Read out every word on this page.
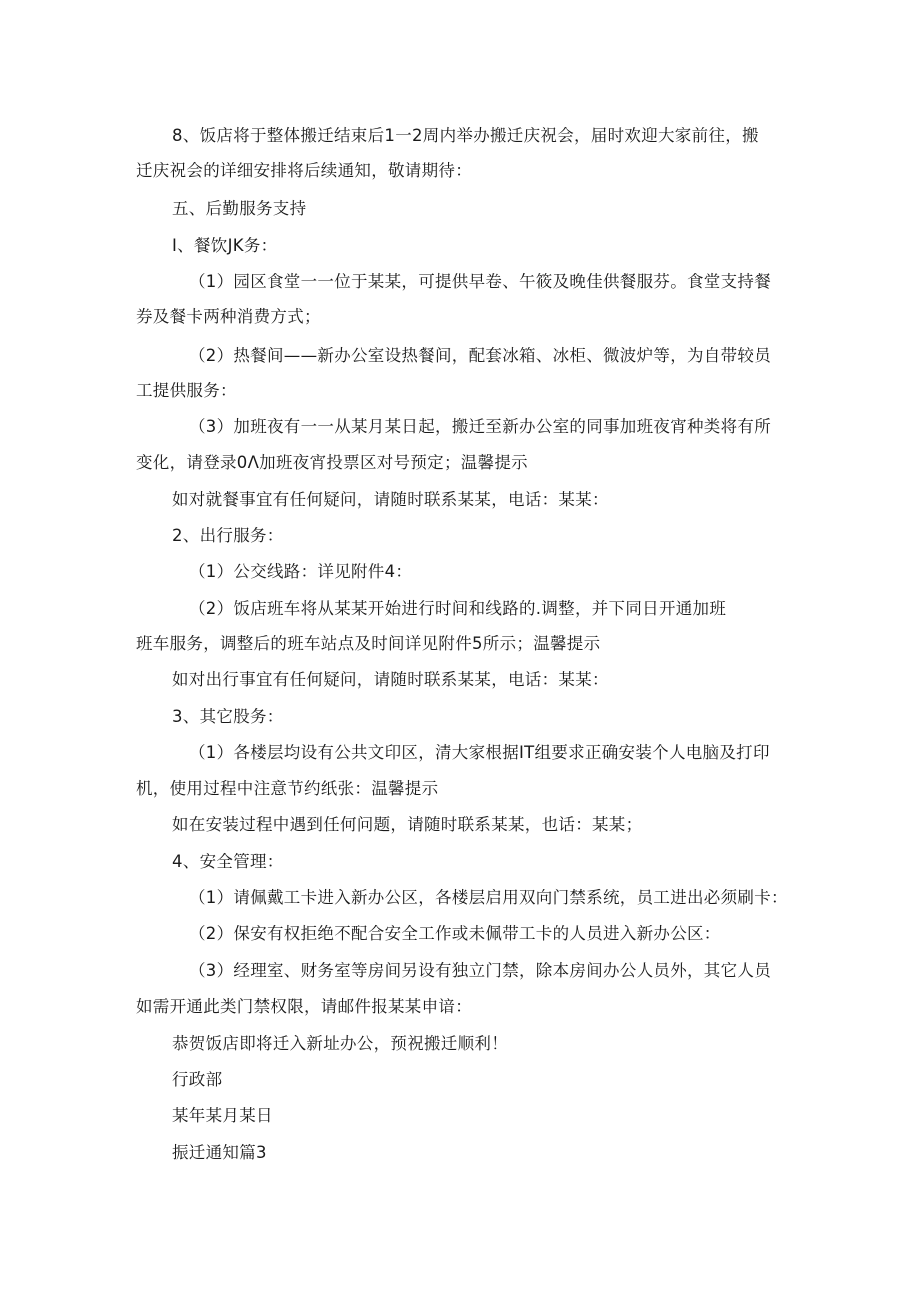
8、饭店将于整体搬迁结束后1一2周内举办搬迁庆祝会，届时欢迎大家前往，搬
迁庆祝会的详细安排将后续通知，敬请期待：
五、后勤服务支持
I、餐饮JK务：
（1）园区食堂一一位于某某，可提供早卷、午筱及晚佳供餐服芬。食堂支持餐
券及餐卡两种消费方式；
（2）热餐间——新办公室设热餐间，配套冰箱、冰柜、微波炉等，为自带较员
工提供服务：
（3）加班夜有一一从某月某日起，搬迁至新办公室的同事加班夜宵种类将有所
变化，请登录0Λ加班夜宵投票区对号预定；温馨提示
如对就餐事宜有任何疑问，请随时联系某某，电话：某某：
2、出行服务：
（1）公交线路：详见附件4：
（2）饭店班车将从某某开始进行时间和线路的.调整，并下同日开通加班
班车服务，调整后的班车站点及时间详见附件5所示；温馨提示
如对出行事宜有任何疑问，请随时联系某某，电话：某某：
3、其它股务：
（1）各楼层均设有公共文印区，清大家根据IT组要求正确安装个人电脑及打印
机，使用过程中注意节约纸张：温馨提示
如在安装过程中遇到任何问题，请随时联系某某，也话：某某；
4、安全管理：
（1）请佩戴工卡进入新办公区，各楼层启用双向门禁系统，员工进出必须刷卡：
（2）保安有权拒绝不配合安全工作或未佩带工卡的人员进入新办公区：
（3）经理室、财务室等房间另设有独立门禁，除本房间办公人员外，其它人员
如需开通此类门禁权限，请邮件报某某申谙：
恭贺饭店即将迁入新址办公，预祝搬迁顺利！
行政部
某年某月某日
振迁通知篇3
